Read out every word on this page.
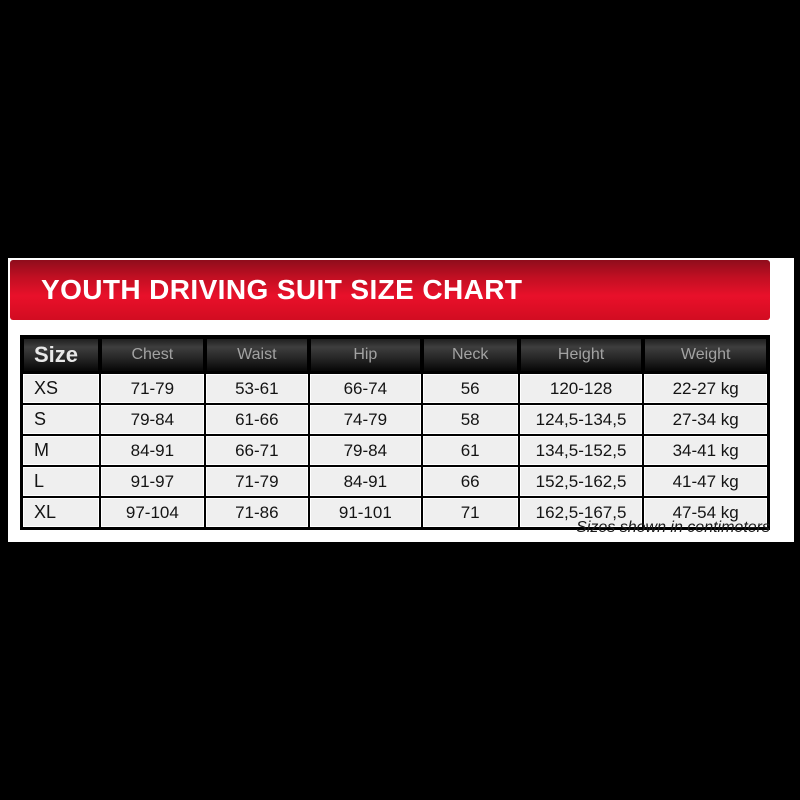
YOUTH DRIVING SUIT SIZE CHART
Size	Chest	Waist	Hip	Neck	Height	Weight
XS	71-79	53-61	66-74	56	120-128	22-27 kg
S	79-84	61-66	74-79	58	124,5-134,5	27-34 kg
M	84-91	66-71	79-84	61	134,5-152,5	34-41 kg
L	91-97	71-79	84-91	66	152,5-162,5	41-47 kg
XL	97-104	71-86	91-101	71	162,5-167,5	47-54 kg
Sizes shown in centimeters
